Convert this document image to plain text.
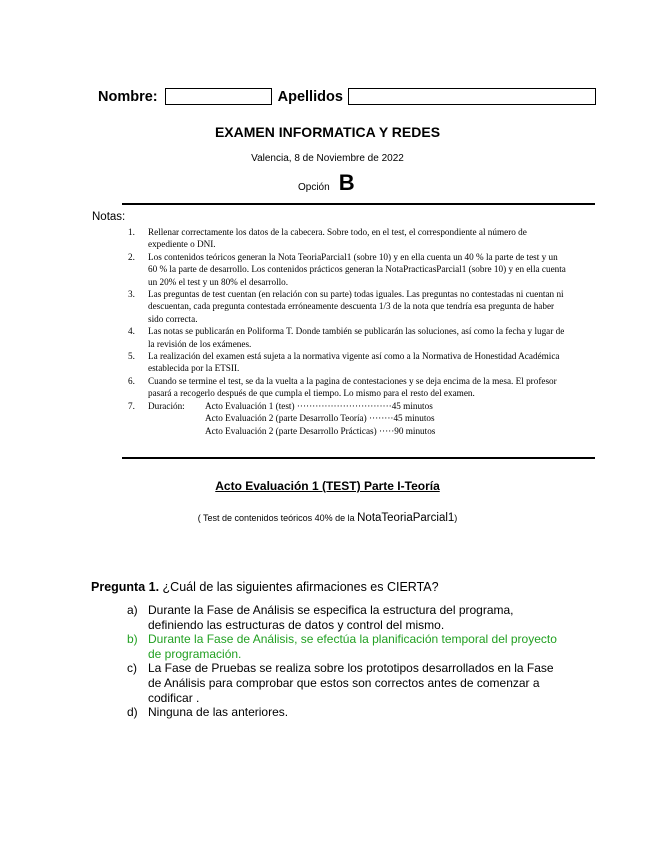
Nombre:	Apellidos
EXAMEN INFORMATICA Y REDES
Valencia, 8 de Noviembre de 2022
Opción B
Notas:
1. Rellenar correctamente los datos de la cabecera. Sobre todo, en el test, el correspondiente al número de expediente o DNI.
2. Los contenidos teóricos generan la Nota TeoriaParcial1 (sobre 10) y en ella cuenta un 40 % la parte de test y un 60 % la parte de desarrollo. Los contenidos prácticos generan la NotaPracticasParcial1 (sobre 10) y en ella cuenta un 20% el test y un 80% el desarrollo.
3. Las preguntas de test cuentan (en relación con su parte) todas iguales. Las preguntas no contestadas ni cuentan ni descuentan, cada pregunta contestada erróneamente descuenta 1/3 de la nota que tendría esa pregunta de haber sido correcta.
4. Las notas se publicarán en Poliforma T. Donde también se publicarán las soluciones, así como la fecha y lugar de la revisión de los exámenes.
5. La realización del examen está sujeta a la normativa vigente así como a la Normativa de Honestidad Académica establecida por la ETSII.
6. Cuando se termine el test, se da la vuelta a la pagina de contestaciones y se deja encima de la mesa. El profesor pasará a recogerlo después de que cumpla el tiempo. Lo mismo para el resto del examen.
7. Duración:	Acto Evaluación 1 (test) ·······························45 minutos
Acto Evaluación 2 (parte Desarrollo Teoría) ········45 minutos
Acto Evaluación 2 (parte Desarrollo Prácticas) ·····90 minutos
Acto Evaluación 1 (TEST) Parte I-Teoría
( Test de contenidos teóricos 40% de la NotaTeoriaParcial1)
Pregunta 1. ¿Cuál de las siguientes afirmaciones es CIERTA?
a) Durante la Fase de Análisis se especifica la estructura del programa, definiendo las estructuras de datos y control del mismo.
b) Durante la Fase de Análisis, se efectúa la planificación temporal del proyecto de programación.
c) La Fase de Pruebas se realiza sobre los prototipos desarrollados en la Fase de Análisis para comprobar que estos son correctos antes de comenzar a codificar .
d) Ninguna de las anteriores.
